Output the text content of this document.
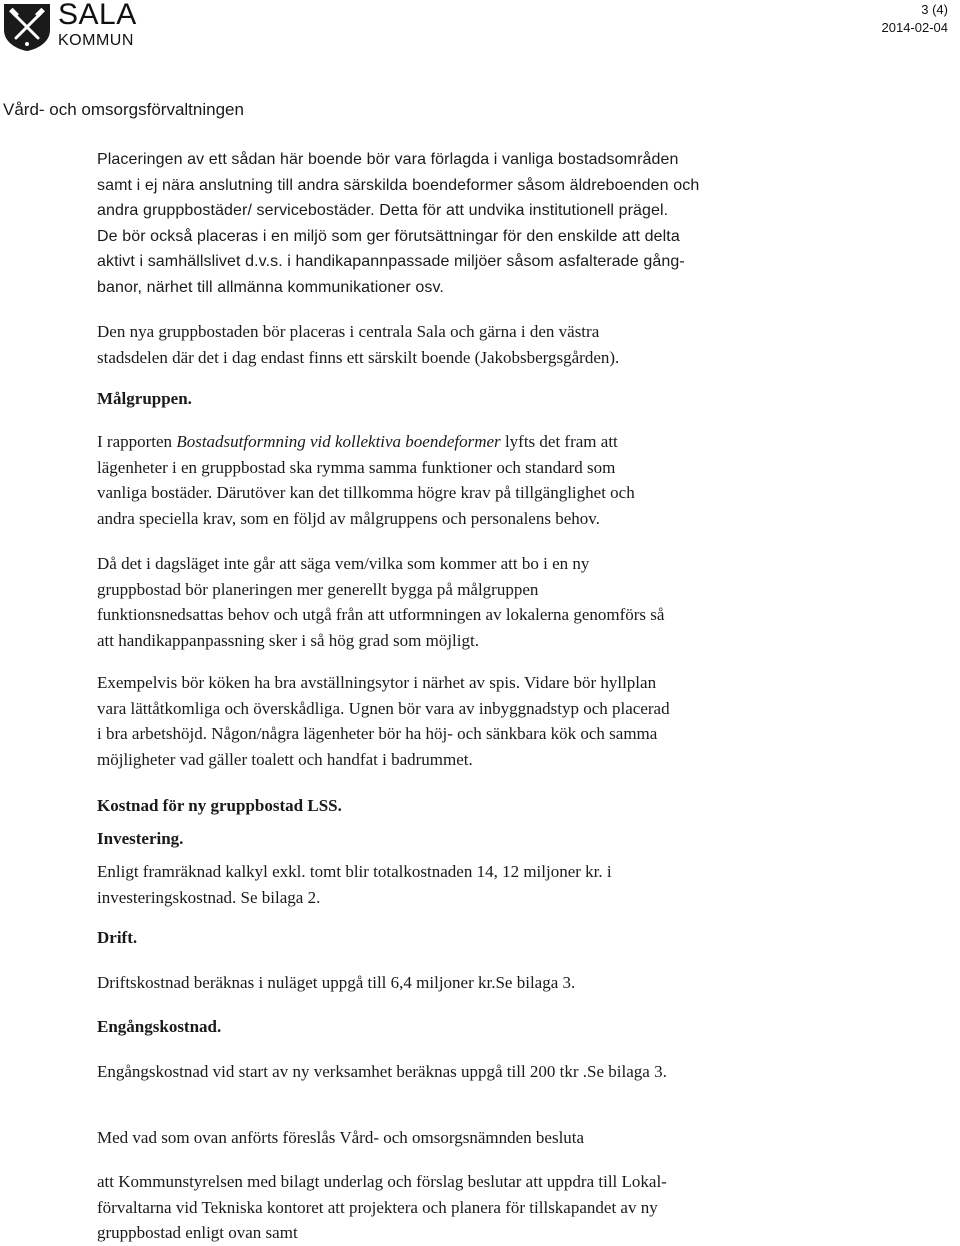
SALA
KOMMUN
3 (4)
2014-02-04
Vård- och omsorgsförvaltningen
Placeringen av ett sådan här boende bör vara förlagda i vanliga bostadsområden
samt i ej nära anslutning till andra särskilda boendeformer såsom äldreboenden och
andra gruppbostäder/ servicebostäder. Detta för att undvika institutionell prägel.
De bör också placeras i en miljö som ger förutsättningar för den enskilde att delta
aktivt i samhällslivet d.v.s. i handikapannpassade miljöer såsom asfalterade gång-
banor, närhet till allmänna kommunikationer osv.
Den nya gruppbostaden bör placeras i centrala Sala och gärna i den västra
stadsdelen där det i dag endast finns ett särskilt boende (Jakobsbergsgården).
Målgruppen.
I rapporten Bostadsutformning vid kollektiva boendeformer lyfts det fram att
lägenheter i en gruppbostad ska rymma samma funktioner och standard som
vanliga bostäder. Därutöver kan det tillkomma högre krav på tillgänglighet och
andra speciella krav, som en följd av målgruppens och personalens behov.
Då det i dagsläget inte går att säga vem/vilka som kommer att bo i en ny
gruppbostad bör planeringen mer generellt bygga på målgruppen
funktionsnedsattas behov och utgå från att utformningen av lokalerna genomförs så
att handikappanpassning sker i så hög grad som möjligt.
Exempelvis bör köken ha bra avställningsytor i närhet av spis. Vidare bör hyllplan
vara lättåtkomliga och överskådliga. Ugnen bör vara av inbyggnadstyp och placerad
i bra arbetshöjd. Någon/några lägenheter bör ha höj- och sänkbara kök och samma
möjligheter vad gäller toalett och handfat i badrummet.
Kostnad för ny gruppbostad LSS.
Investering.
Enligt framräknad kalkyl exkl. tomt blir totalkostnaden 14, 12 miljoner kr. i
investeringskostnad. Se bilaga 2.
Drift.
Driftskostnad beräknas i nuläget uppgå till 6,4 miljoner kr.Se bilaga 3.
Engångskostnad.
Engångskostnad vid start av ny verksamhet beräknas uppgå till 200 tkr .Se bilaga 3.
Med vad som ovan anförts föreslås Vård- och omsorgsnämnden besluta
att Kommunstyrelsen med bilagt underlag och förslag beslutar att uppdra till Lokal-
förvaltarna vid Tekniska kontoret att projektera och planera för tillskapandet av ny
gruppbostad enligt ovan samt
